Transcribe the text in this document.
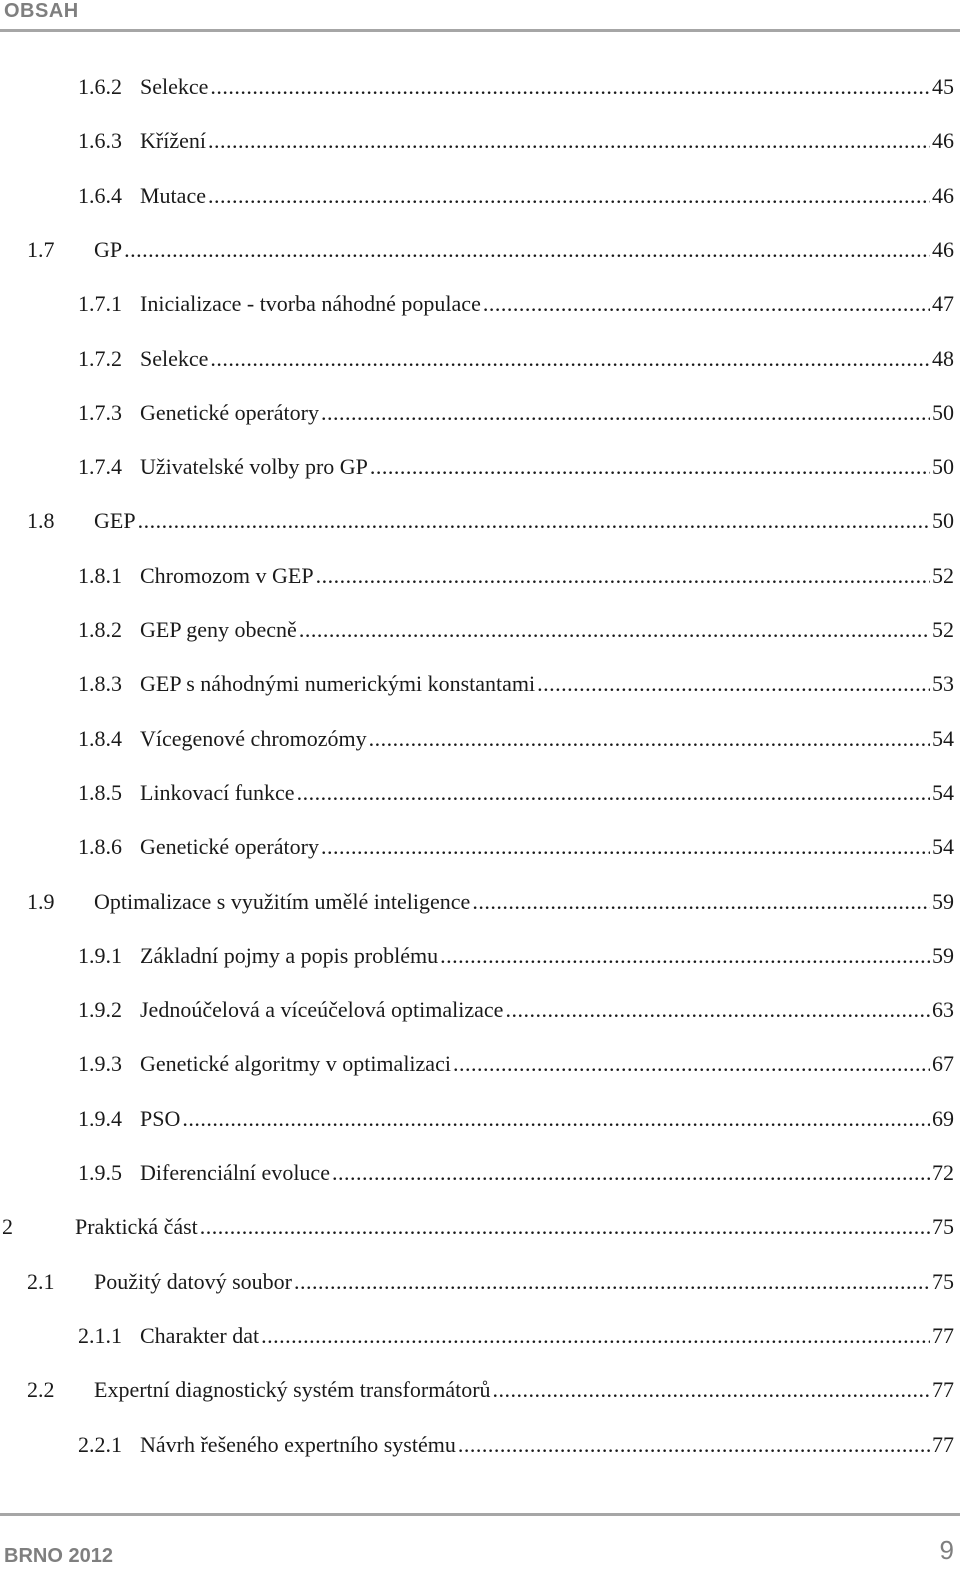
OBSAH
1.6.2 Selekce .....	45
1.6.3 Křížení .....	46
1.6.4 Mutace .....	46
1.7	GP .....	46
1.7.1 Inicializace - tvorba náhodné populace .....	47
1.7.2 Selekce .....	48
1.7.3 Genetické operátory .....	50
1.7.4 Uživatelské volby pro GP .....	50
1.8	GEP .....	50
1.8.1 Chromozom v GEP .....	52
1.8.2 GEP geny obecně .....	52
1.8.3 GEP s náhodnými numerickými konstantami .....	53
1.8.4 Vícegenové chromozómy .....	54
1.8.5 Linkovací funkce .....	54
1.8.6 Genetické operátory .....	54
1.9	Optimalizace s využitím umělé inteligence .....	59
1.9.1 Základní pojmy a popis problému .....	59
1.9.2 Jednoúčelová a víceúčelová optimalizace .....	63
1.9.3 Genetické algoritmy v optimalizaci .....	67
1.9.4 PSO .....	69
1.9.5 Diferenciální evoluce .....	72
2	Praktická část .....	75
2.1	Použitý datový soubor .....	75
2.1.1 Charakter dat .....	77
2.2	Expertní diagnostický systém transformátorů .....	77
2.2.1 Návrh řešeného expertního systému .....	77
BRNO 2012	9
